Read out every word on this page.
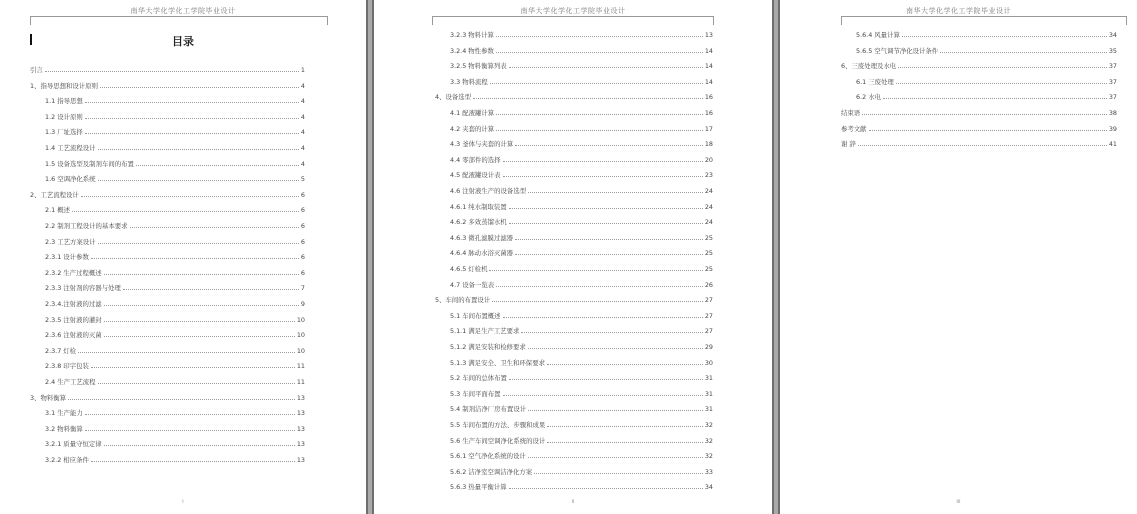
南华大学化学化工学院毕业设计
目录
引言	1
1、指导思想和设计原则	4
1.1 指导思想	4
1.2 设计原则	4
1.3 厂址选择	4
1.4 工艺流程设计	4
1.5 设备选型及制剂车间的布置	4
1.6 空调净化系统	5
2、工艺流程设计	6
2.1 概述	6
2.2 制剂工程设计的基本要求	6
2.3 工艺方案设计	6
2.3.1 设计参数	6
2.3.2 生产过程概述	6
2.3.3 注射剂的容器与处理	7
2.3.4.注射液的过滤	9
2.3.5 注射液的灌封	10
2.3.6 注射液的灭菌	10
2.3.7 灯检	10
2.3.8 印字包装	11
2.4 生产工艺流程	11
3、物料衡算	13
3.1 生产能力	13
3.2 物料衡算	13
3.2.1 质量守恒定律	13
3.2.2 相应条件	13
i
南华大学化学化工学院毕业设计
3.2.3 物料计算	13
3.2.4 物性参数	14
3.2.5 物料衡算列表	14
3.3 物料流程	14
4、设备选型	16
4.1 配液罐计算	16
4.2 夹套的计算	17
4.3 釜体与夹套的计算	18
4.4 零部件的选择	20
4.5 配液罐设计表	23
4.6 注射液生产的设备选型	24
4.6.1 纯水制取装置	24
4.6.2 多效蒸馏水机	24
4.6.3 微孔滤膜过滤器	25
4.6.4 脉动水浴灭菌器	25
4.6.5 灯检机	25
4.7 设备一览表	26
5、车间的布置设计	27
5.1 车间布置概述	27
5.1.1 满足生产工艺要求	27
5.1.2 满足安装和检修要求	29
5.1.3 满足安全、卫生和环保要求	30
5.2 车间的总体布置	31
5.3 车间平面布置	31
5.4 制剂洁净厂房布置设计	31
5.5 车间布置的方法、步骤和成果	32
5.6 生产车间空调净化系统的设计	32
5.6.1 空气净化系统的设计	32
5.6.2 洁净室空调洁净化方案	33
5.6.3 热量平衡计算	34
ii
南华大学化学化工学院毕业设计
5.6.4 风量计算	34
5.6.5 空气调节净化设计条件	35
6、三废处理及水电	37
6.1 三废处理	37
6.2 水电	37
结束语	38
参考文献	39
谢 辞	41
iii
